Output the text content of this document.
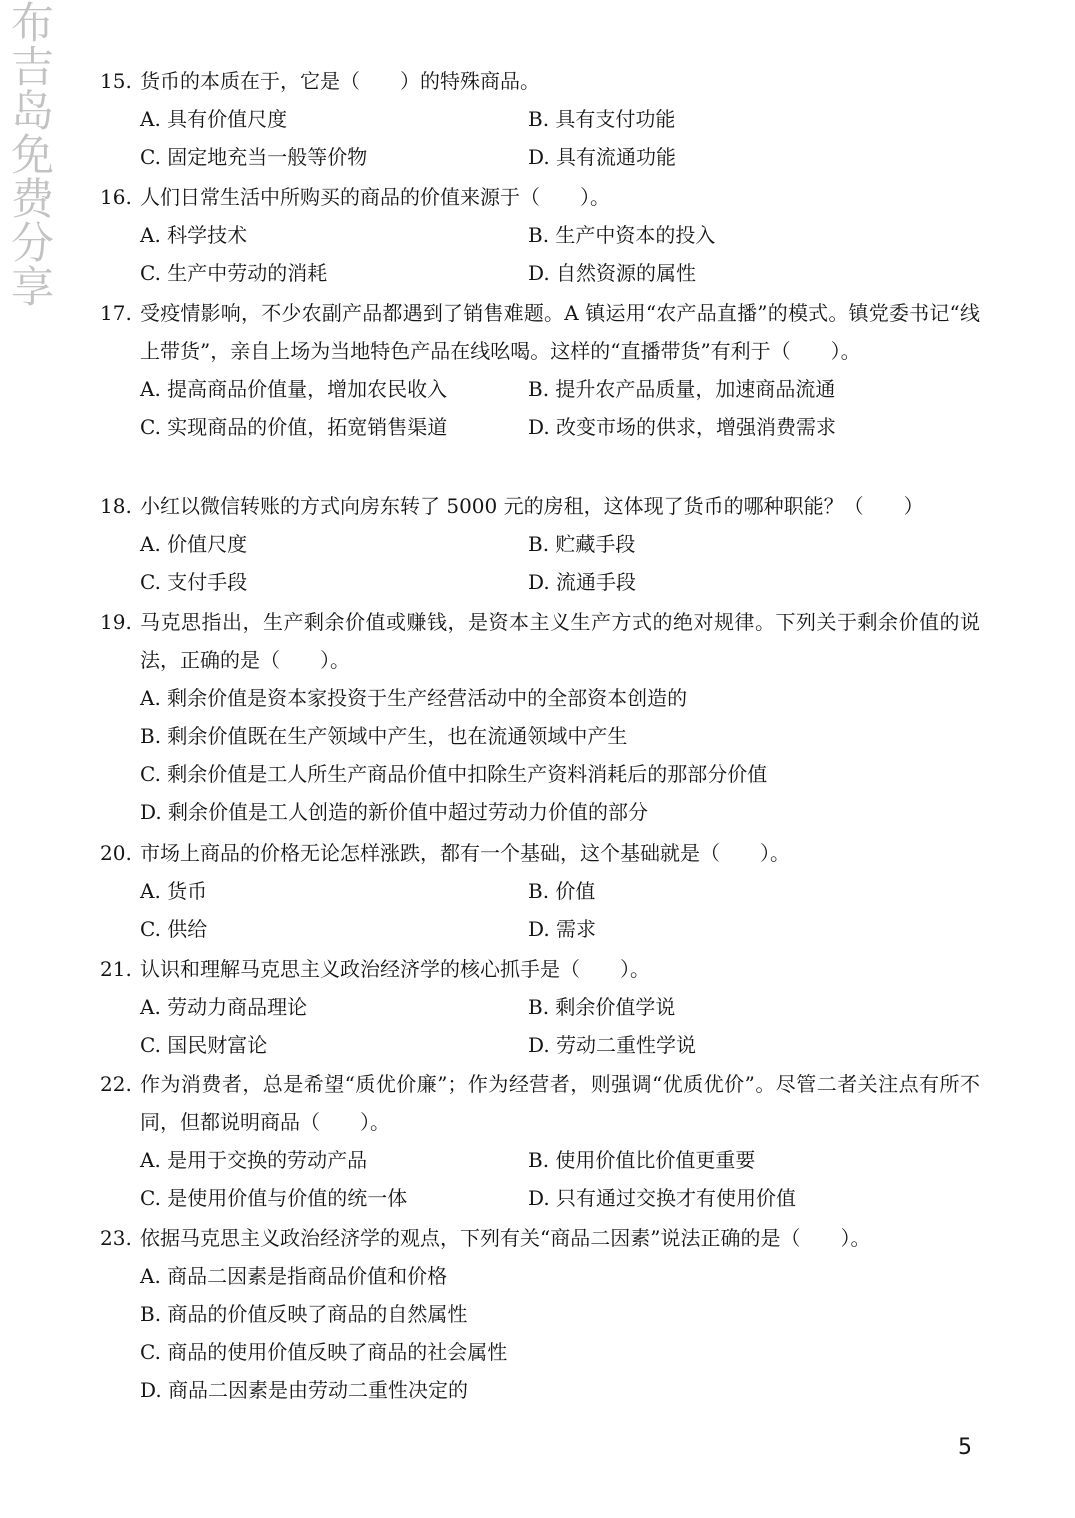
布吉岛免费分享 15. 货币的本质在于，它是（　　）的特殊商品。
A. 具有价值尺度	B. 具有支付功能
C. 固定地充当一般等价物	D. 具有流通功能
16. 人们日常生活中所购买的商品的价值来源于（　　）。
A. 科学技术	B. 生产中资本的投入
C. 生产中劳动的消耗	D. 自然资源的属性
17. 受疫情影响，不少农副产品都遇到了销售难题。A 镇运用“农产品直播”的模式。镇党委书记“线上带货”，亲自上场为当地特色产品在线吆喝。这样的“直播带货”有利于（　　）。
A. 提高商品价值量，增加农民收入	B. 提升农产品质量，加速商品流通
C. 实现商品的价值，拓宽销售渠道	D. 改变市场的供求，增强消费需求
18. 小红以微信转账的方式向房东转了 5000 元的房租，这体现了货币的哪种职能？（　　）
A. 价值尺度	B. 贮藏手段
C. 支付手段	D. 流通手段
19. 马克思指出，生产剩余价值或赚钱，是资本主义生产方式的绝对规律。下列关于剩余价值的说法，正确的是（　　）。
A. 剩余价值是资本家投资于生产经营活动中的全部资本创造的
B. 剩余价值既在生产领域中产生，也在流通领域中产生
C. 剩余价值是工人所生产商品价值中扣除生产资料消耗后的那部分价值
D. 剩余价值是工人创造的新价值中超过劳动力价值的部分
20. 市场上商品的价格无论怎样涨跌，都有一个基础，这个基础就是（　　）。
A. 货币	B. 价值
C. 供给	D. 需求
21. 认识和理解马克思主义政治经济学的核心抓手是（　　）。
A. 劳动力商品理论	B. 剩余价值学说
C. 国民财富论	D. 劳动二重性学说
22. 作为消费者，总是希望“质优价廉”；作为经营者，则强调“优质优价”。尽管二者关注点有所不同，但都说明商品（　　）。
A. 是用于交换的劳动产品	B. 使用价值比价值更重要
C. 是使用价值与价值的统一体	D. 只有通过交换才有使用价值
23. 依据马克思主义政治经济学的观点，下列有关“商品二因素”说法正确的是（　　）。
A. 商品二因素是指商品价值和价格
B. 商品的价值反映了商品的自然属性
C. 商品的使用价值反映了商品的社会属性
D. 商品二因素是由劳动二重性决定的
5
